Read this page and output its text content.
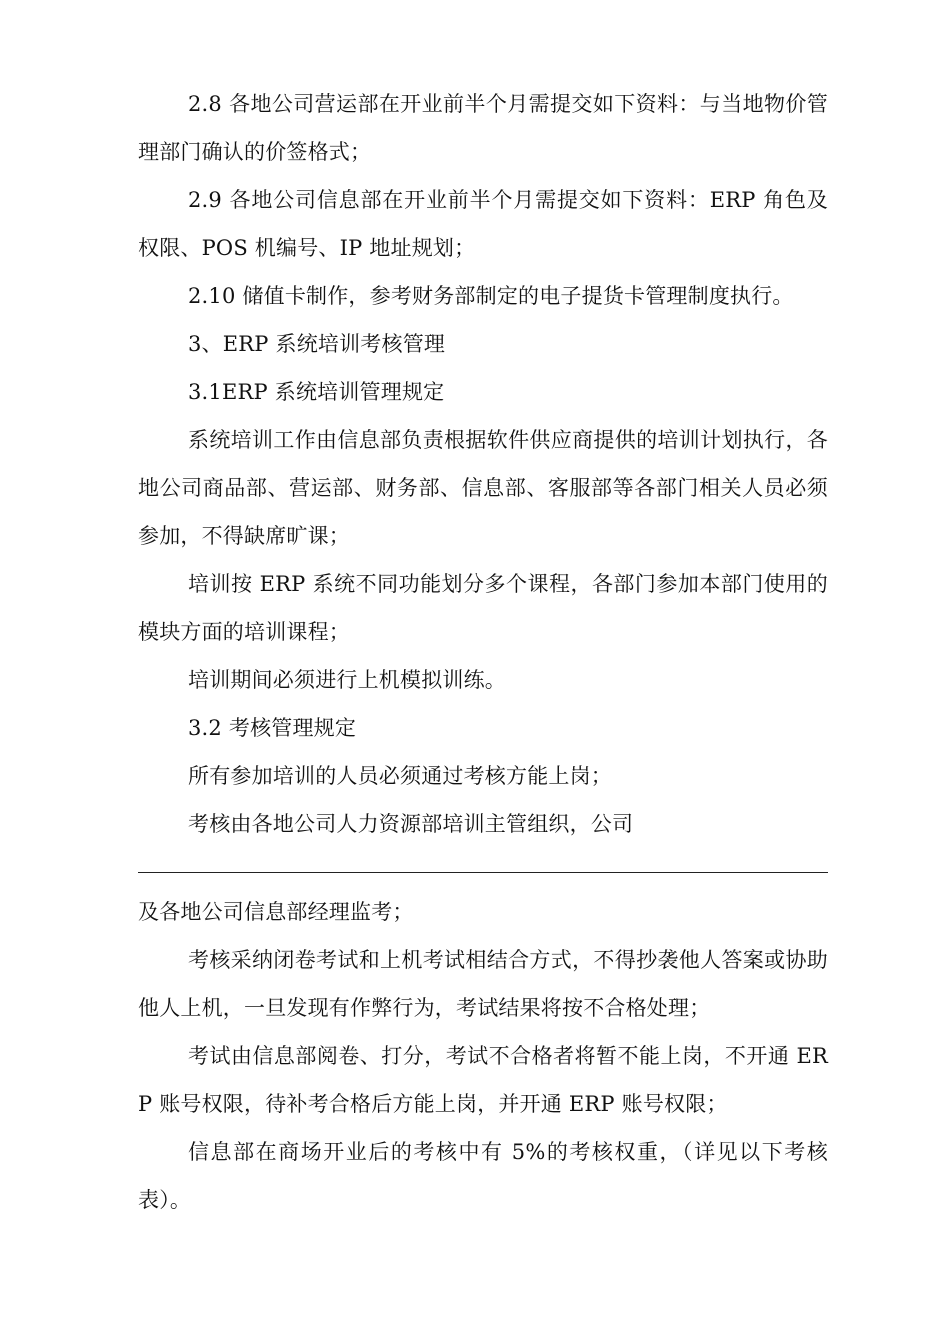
2.8 各地公司营运部在开业前半个月需提交如下资料：与当地物价管理部门确认的价签格式；

2.9 各地公司信息部在开业前半个月需提交如下资料：ERP 角色及权限、POS 机编号、IP 地址规划；

2.10 储值卡制作，参考财务部制定的电子提货卡管理制度执行。

3、ERP 系统培训考核管理

3.1ERP 系统培训管理规定

系统培训工作由信息部负责根据软件供应商提供的培训计划执行，各地公司商品部、营运部、财务部、信息部、客服部等各部门相关人员必须参加，不得缺席旷课；

培训按 ERP 系统不同功能划分多个课程，各部门参加本部门使用的模块方面的培训课程；

培训期间必须进行上机模拟训练。

3.2 考核管理规定

所有参加培训的人员必须通过考核方能上岗；

考核由各地公司人力资源部培训主管组织，公司

及各地公司信息部经理监考；

考核采纳闭卷考试和上机考试相结合方式，不得抄袭他人答案或协助他人上机，一旦发现有作弊行为，考试结果将按不合格处理；

考试由信息部阅卷、打分，考试不合格者将暂不能上岗，不开通 ERP 账号权限，待补考合格后方能上岗，并开通 ERP 账号权限；

信息部在商场开业后的考核中有 5%的考核权重，（详见以下考核表）。
